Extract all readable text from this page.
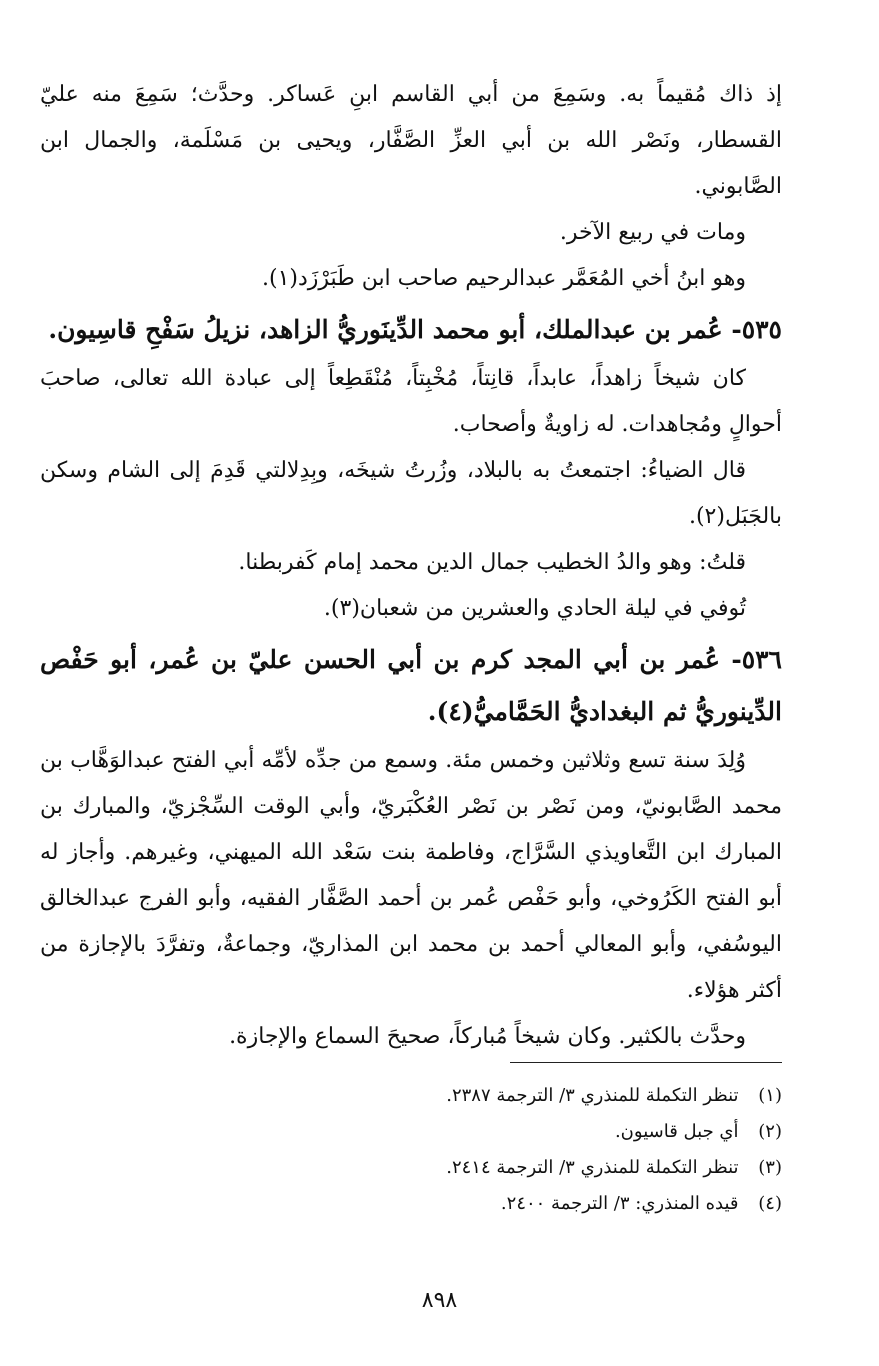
إذ ذاك مُقيماً به. وسَمِعَ من أبي القاسم ابنِ عَساكر. وحدَّث؛ سَمِعَ منه عليّ القسطار، ونَصْر الله بن أبي العزِّ الصَّفَّار، ويحيى بن مَسْلَمة، والجمال ابن الصَّابوني.

ومات في ربيع الآخر.

وهو ابنُ أخي المُعَمَّر عبدالرحيم صاحب ابن طَبَرْزَد(١).

٥٣٥- عُمر بن عبدالملك، أبو محمد الدِّينَوريُّ الزاهد، نزيلُ سَفْحِ قاسِيون.

كان شيخاً زاهداً، عابداً، قانِتاً، مُخْبِتاً، مُنْقَطِعاً إلى عبادة الله تعالى، صاحبَ أحوالٍ ومُجاهدات. له زاويةٌ وأصحاب.

قال الضياءُ: اجتمعتُ به بالبلاد، وزُرتُ شيخَه، وبِدِلالتي قَدِمَ إلى الشام وسكن بالجَبَل(٢).

قلتُ: وهو والدُ الخطيب جمال الدين محمد إمام كَفربطنا.

تُوفي في ليلة الحادي والعشرين من شعبان(٣).

٥٣٦- عُمر بن أبي المجد كرم بن أبي الحسن عليّ بن عُمر، أبو حَفْص الدِّينوريُّ ثم البغداديُّ الحَمَّاميُّ(٤).

وُلِدَ سنة تسع وثلاثين وخمس مئة. وسمع من جدِّه لأمِّه أبي الفتح عبدالوَهَّاب بن محمد الصَّابونيّ، ومن نَصْر بن نَصْر العُكْبَريّ، وأبي الوقت السِّجْزيّ، والمبارك بن المبارك ابن التَّعاويذي السَّرَّاج، وفاطمة بنت سَعْد الله الميهني، وغيرهم. وأجاز له أبو الفتح الكَرُوخي، وأبو حَفْص عُمر بن أحمد الصَّفَّار الفقيه، وأبو الفرج عبدالخالق اليوسُفي، وأبو المعالي أحمد بن محمد ابن المذاريّ، وجماعةٌ، وتفرَّدَ بالإجازة من أكثر هؤلاء.

وحدَّث بالكثير. وكان شيخاً مُباركاً، صحيحَ السماع والإجازة.

(١) تنظر التكملة للمنذري ٣/ الترجمة ٢٣٨٧.
(٢) أي جبل قاسيون.
(٣) تنظر التكملة للمنذري ٣/ الترجمة ٢٤١٤.
(٤) قيده المنذري: ٣/ الترجمة ٢٤٠٠.
٨٩٨
